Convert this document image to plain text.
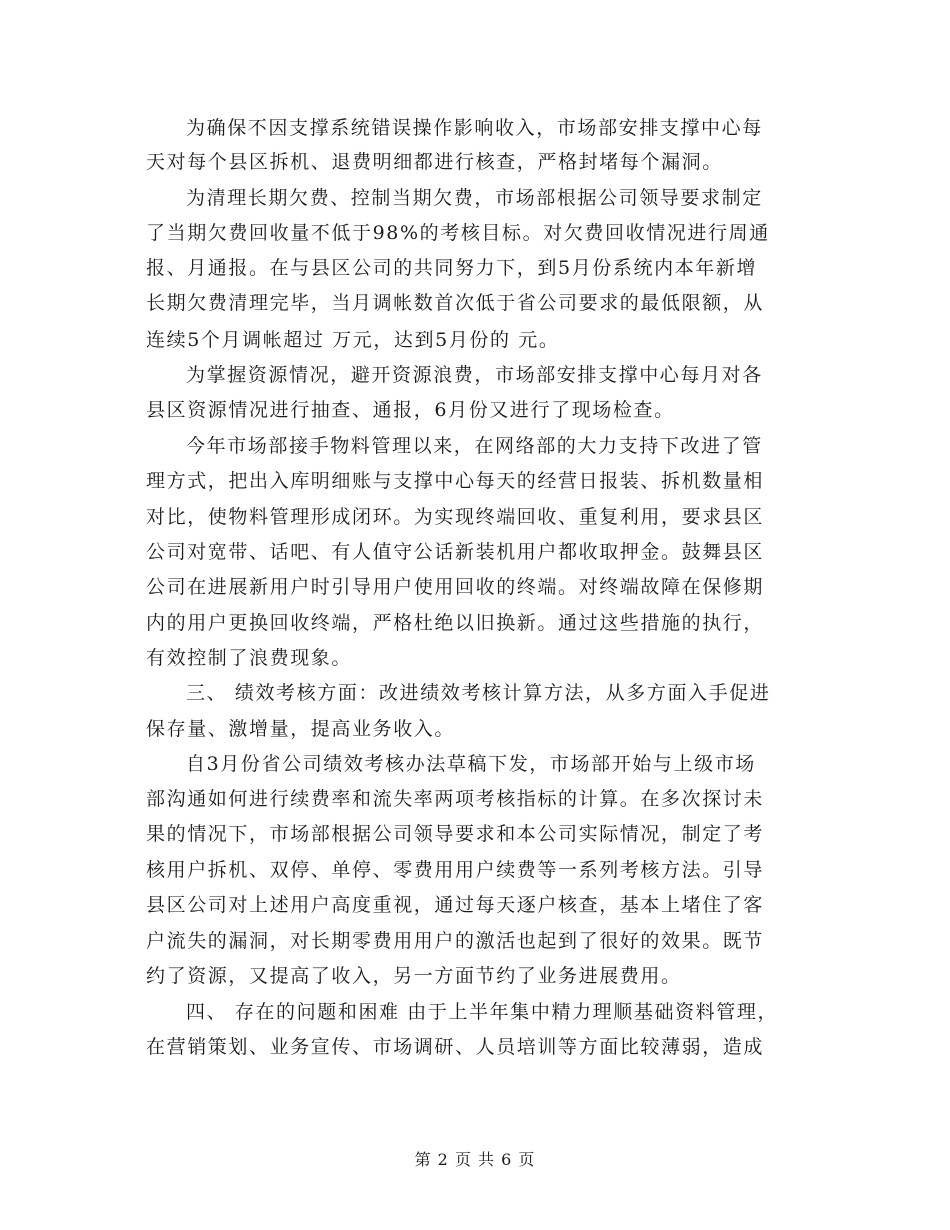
为确保不因支撑系统错误操作影响收入，市场部安排支撑中心每
天对每个县区拆机、退费明细都进行核查，严格封堵每个漏洞。
为清理长期欠费、控制当期欠费，市场部根据公司领导要求制定
了当期欠费回收量不低于98%的考核目标。对欠费回收情况进行周通
报、月通报。在与县区公司的共同努力下，到5月份系统内本年新增
长期欠费清理完毕，当月调帐数首次低于省公司要求的最低限额，从
连续5个月调帐超过 万元，达到5月份的 元。
为掌握资源情况，避开资源浪费，市场部安排支撑中心每月对各
县区资源情况进行抽查、通报，6月份又进行了现场检查。
今年市场部接手物料管理以来，在网络部的大力支持下改进了管
理方式，把出入库明细账与支撑中心每天的经营日报装、拆机数量相
对比，使物料管理形成闭环。为实现终端回收、重复利用，要求县区
公司对宽带、话吧、有人值守公话新装机用户都收取押金。鼓舞县区
公司在进展新用户时引导用户使用回收的终端。对终端故障在保修期
内的用户更换回收终端，严格杜绝以旧换新。通过这些措施的执行，
有效控制了浪费现象。
三、 绩效考核方面：改进绩效考核计算方法，从多方面入手促进
保存量、激增量，提高业务收入。
自3月份省公司绩效考核办法草稿下发，市场部开始与上级市场
部沟通如何进行续费率和流失率两项考核指标的计算。在多次探讨未
果的情况下，市场部根据公司领导要求和本公司实际情况，制定了考
核用户拆机、双停、单停、零费用用户续费等一系列考核方法。引导
县区公司对上述用户高度重视，通过每天逐户核查，基本上堵住了客
户流失的漏洞，对长期零费用用户的激活也起到了很好的效果。既节
约了资源，又提高了收入，另一方面节约了业务进展费用。
四、 存在的问题和困难 由于上半年集中精力理顺基础资料管理，
在营销策划、业务宣传、市场调研、人员培训等方面比较薄弱，造成
第 2 页 共 6 页
